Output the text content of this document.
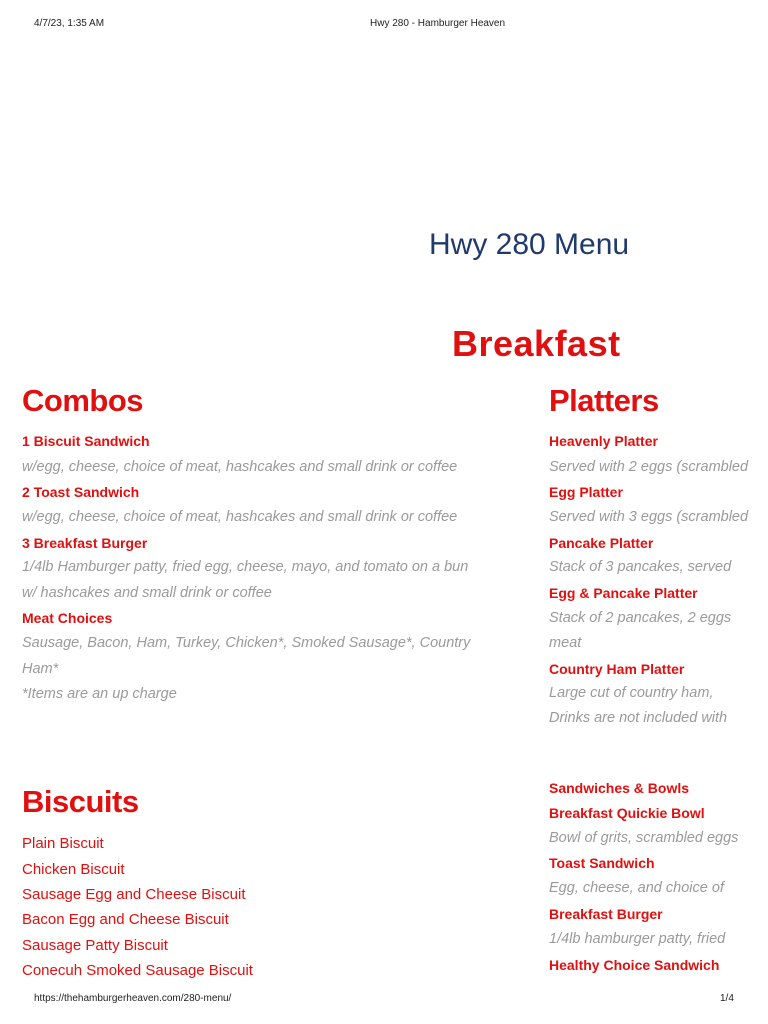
4/7/23, 1:35 AM	Hwy 280 - Hamburger Heaven
Hwy 280 Menu
Breakfast
Combos
1 Biscuit Sandwich
w/egg, cheese, choice of meat, hashcakes and small drink or coffee
2 Toast Sandwich
w/egg, cheese, choice of meat, hashcakes and small drink or coffee
3 Breakfast Burger
1/4lb Hamburger patty, fried egg, cheese, mayo, and tomato on a bun
w/ hashcakes and small drink or coffee
Meat Choices
Sausage, Bacon, Ham, Turkey, Chicken*, Smoked Sausage*, Country
Ham*
*Items are an up charge
Biscuits
Plain Biscuit
Chicken Biscuit
Sausage Egg and Cheese Biscuit
Bacon Egg and Cheese Biscuit
Sausage Patty Biscuit
Conecuh Smoked Sausage Biscuit
Platters
Heavenly Platter
Served with 2 eggs (scrambled
Egg Platter
Served with 3 eggs (scrambled
Pancake Platter
Stack of 3 pancakes, served
Egg & Pancake Platter
Stack of 2 pancakes, 2 eggs
meat
Country Ham Platter
Large cut of country ham,
Drinks are not included with
Sandwiches & Bowls
Breakfast Quickie Bowl
Bowl of grits, scrambled eggs
Toast Sandwich
Egg, cheese, and choice of
Breakfast Burger
1/4lb hamburger patty, fried
Healthy Choice Sandwich
https://thehamburgerheaven.com/280-menu/	1/4
